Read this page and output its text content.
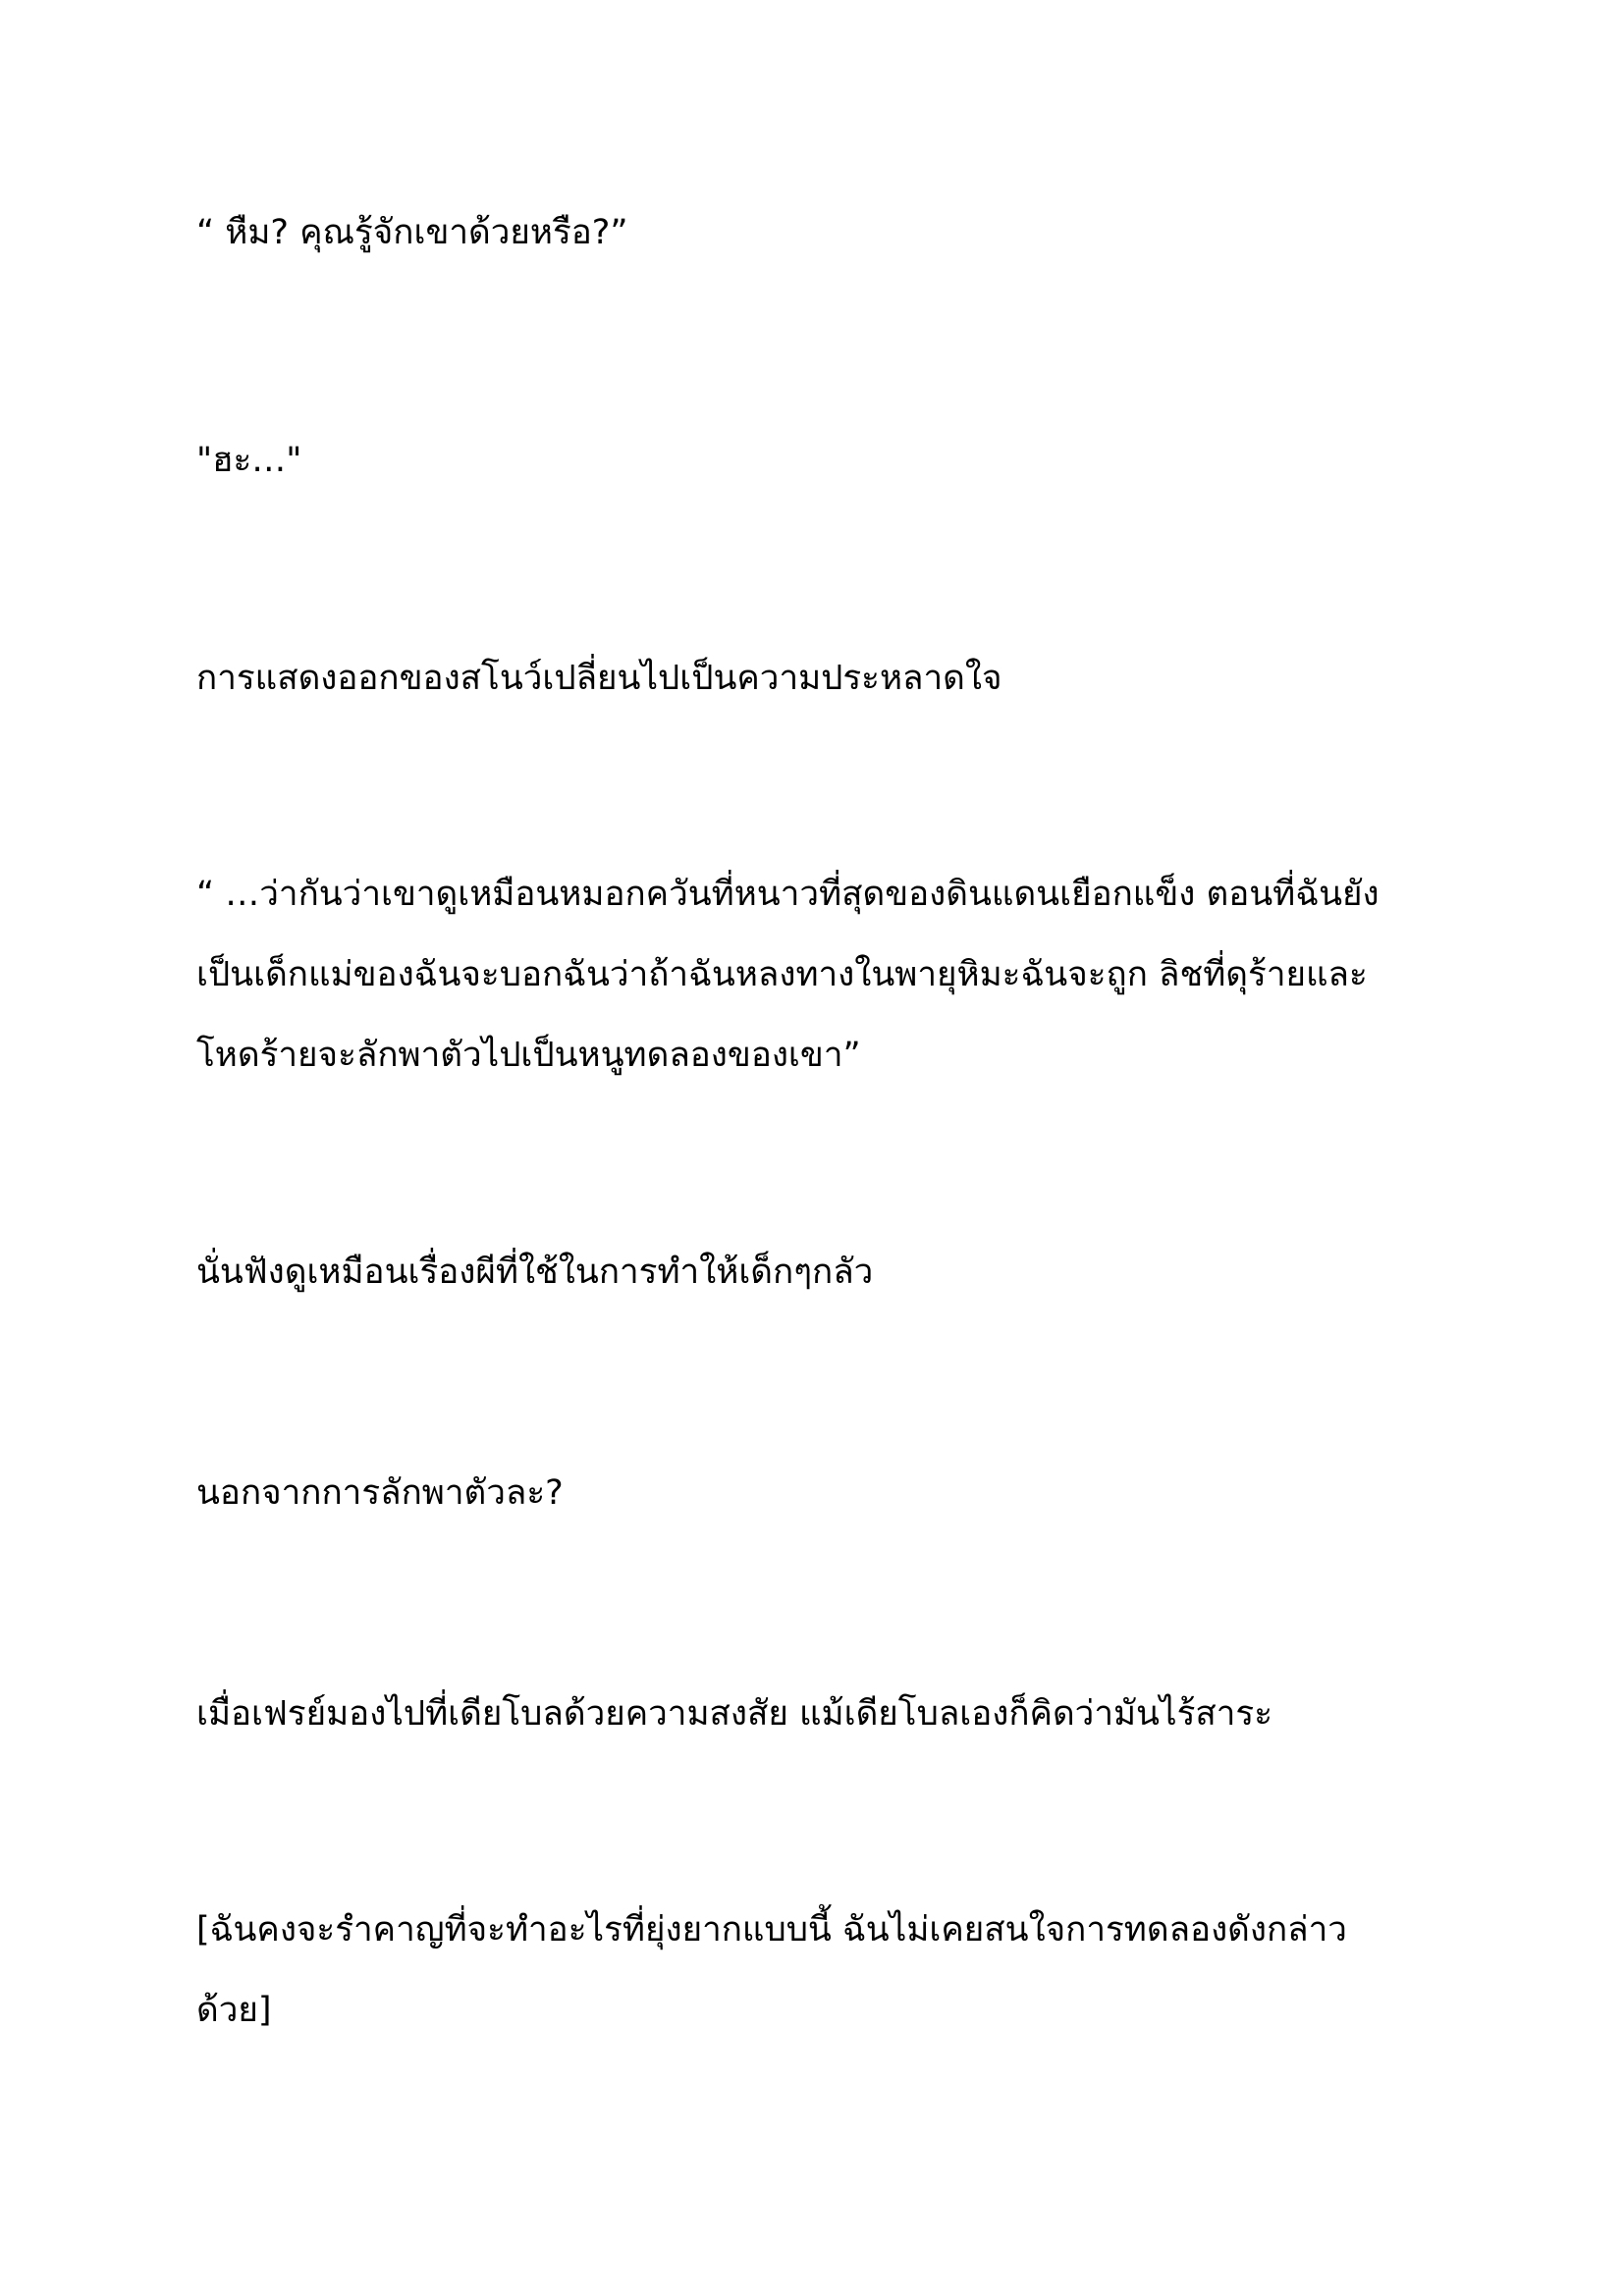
“ หืม? คุณรู้จักเขาด้วยหรือ?”

"ฮะ…"

การแสดงออกของสโนว์เปลี่ยนไปเป็นความประหลาดใจ

“ …ว่ากันว่าเขาดูเหมือนหมอกควันที่หนาวที่สุดของดินแดนเยือกแข็ง ตอนที่ฉันยัง
เป็นเด็กแม่ของฉันจะบอกฉันว่าถ้าฉันหลงทางในพายุหิมะฉันจะถูก ลิชที่ดุร้ายและ
โหดร้ายจะลักพาตัวไปเป็นหนูทดลองของเขา”

นั่นฟังดูเหมือนเรื่องผีที่ใช้ในการทำให้เด็กๆกลัว

นอกจากการลักพาตัวละ?

เมื่อเฟรย์มองไปที่เดียโบลด้วยความสงสัย แม้เดียโบลเองก็คิดว่ามันไร้สาระ

[ฉันคงจะรำคาญที่จะทำอะไรที่ยุ่งยากแบบนี้ ฉันไม่เคยสนใจการทดลองดังกล่าว
ด้วย]
